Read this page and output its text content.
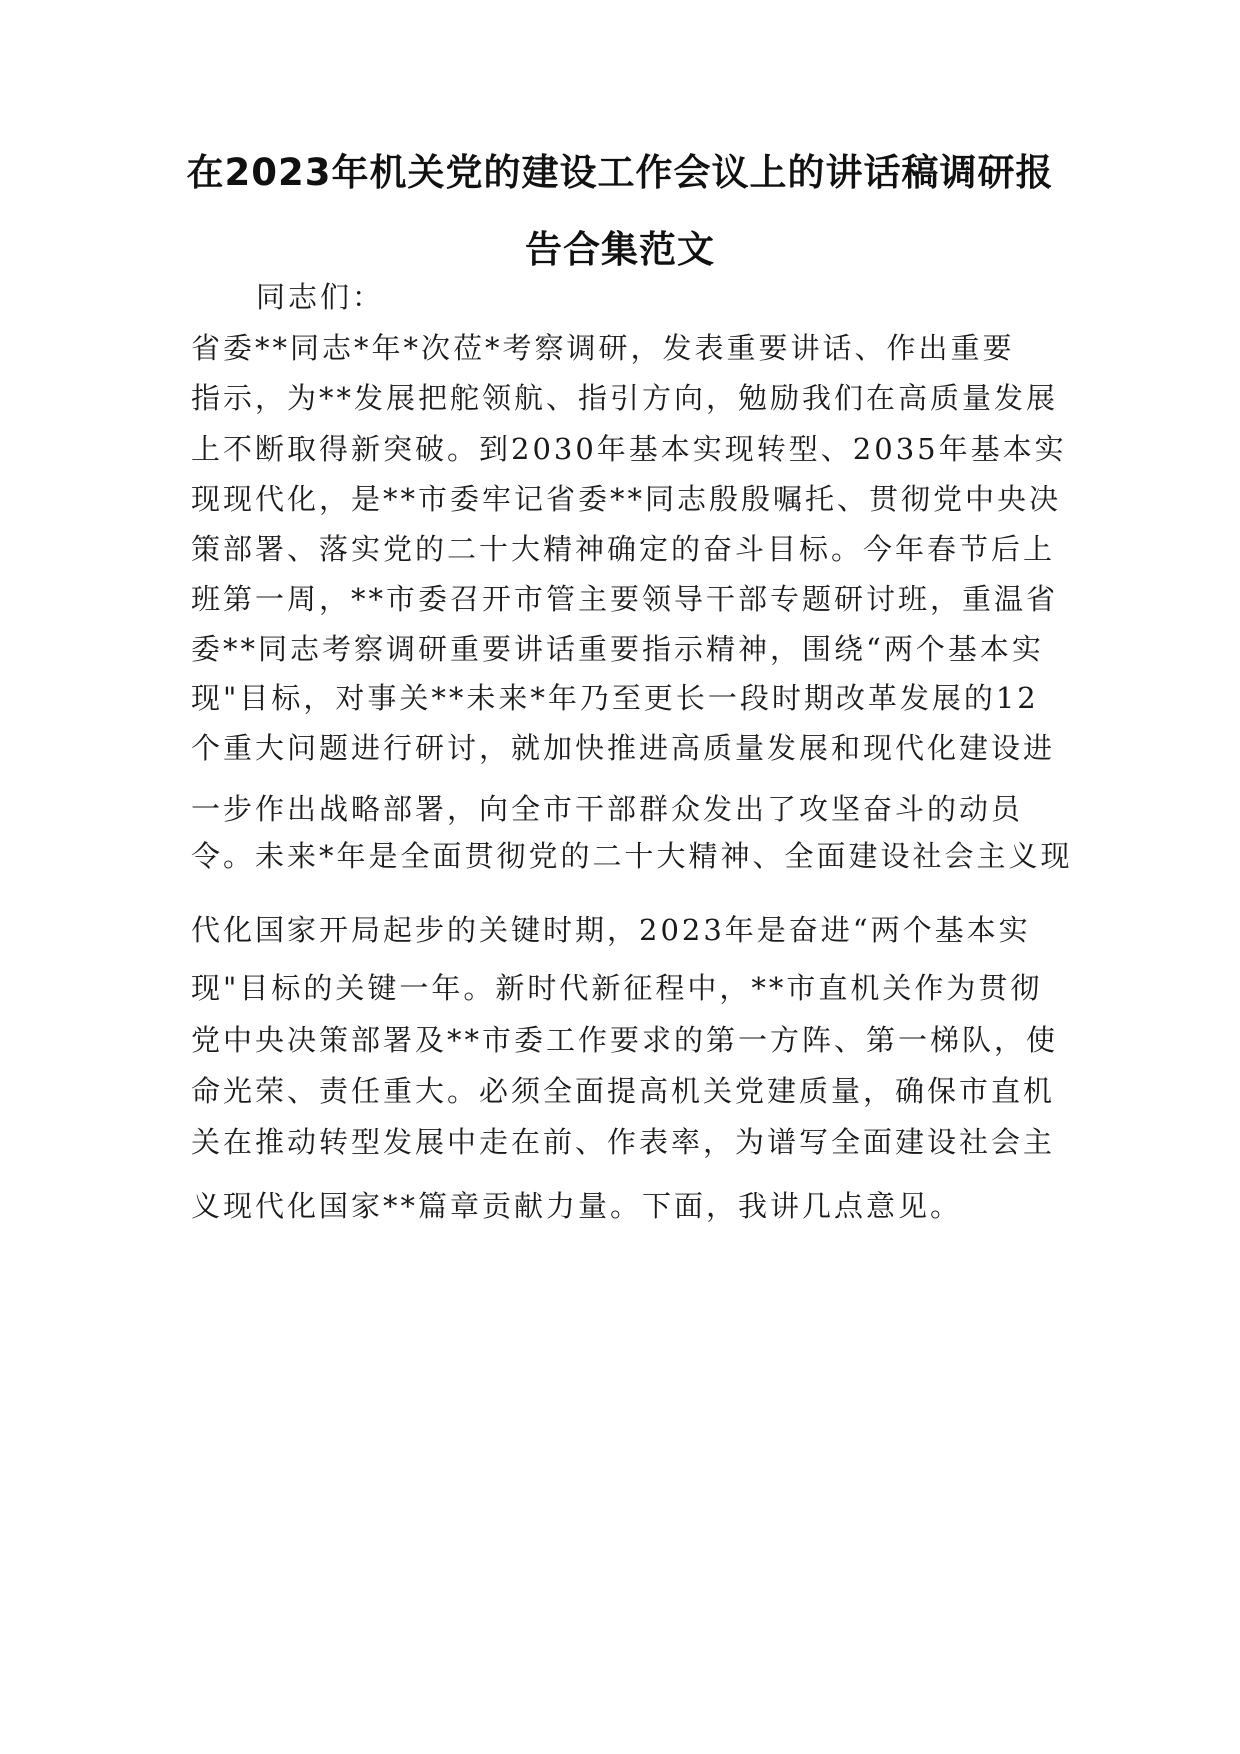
在2023年机关党的建设工作会议上的讲话稿调研报
告合集范文
同志们：
省委**同志*年*次莅*考察调研，发表重要讲话、作出重要
指示，为**发展把舵领航、指引方向，勉励我们在高质量发展
上不断取得新突破。到2030年基本实现转型、2035年基本实
现现代化，是**市委牢记省委**同志殷殷嘱托、贯彻党中央决
策部署、落实党的二十大精神确定的奋斗目标。今年春节后上
班第一周，**市委召开市管主要领导干部专题研讨班，重温省
委**同志考察调研重要讲话重要指示精神，围绕“两个基本实
现"目标，对事关**未来*年乃至更长一段时期改革发展的12
个重大问题进行研讨，就加快推进高质量发展和现代化建设进
一步作出战略部署，向全市干部群众发出了攻坚奋斗的动员
令。未来*年是全面贯彻党的二十大精神、全面建设社会主义现
代化国家开局起步的关键时期，2023年是奋进“两个基本实
现"目标的关键一年。新时代新征程中，**市直机关作为贯彻
党中央决策部署及**市委工作要求的第一方阵、第一梯队，使
命光荣、责任重大。必须全面提高机关党建质量，确保市直机
关在推动转型发展中走在前、作表率，为谱写全面建设社会主
义现代化国家**篇章贡献力量。下面，我讲几点意见。
